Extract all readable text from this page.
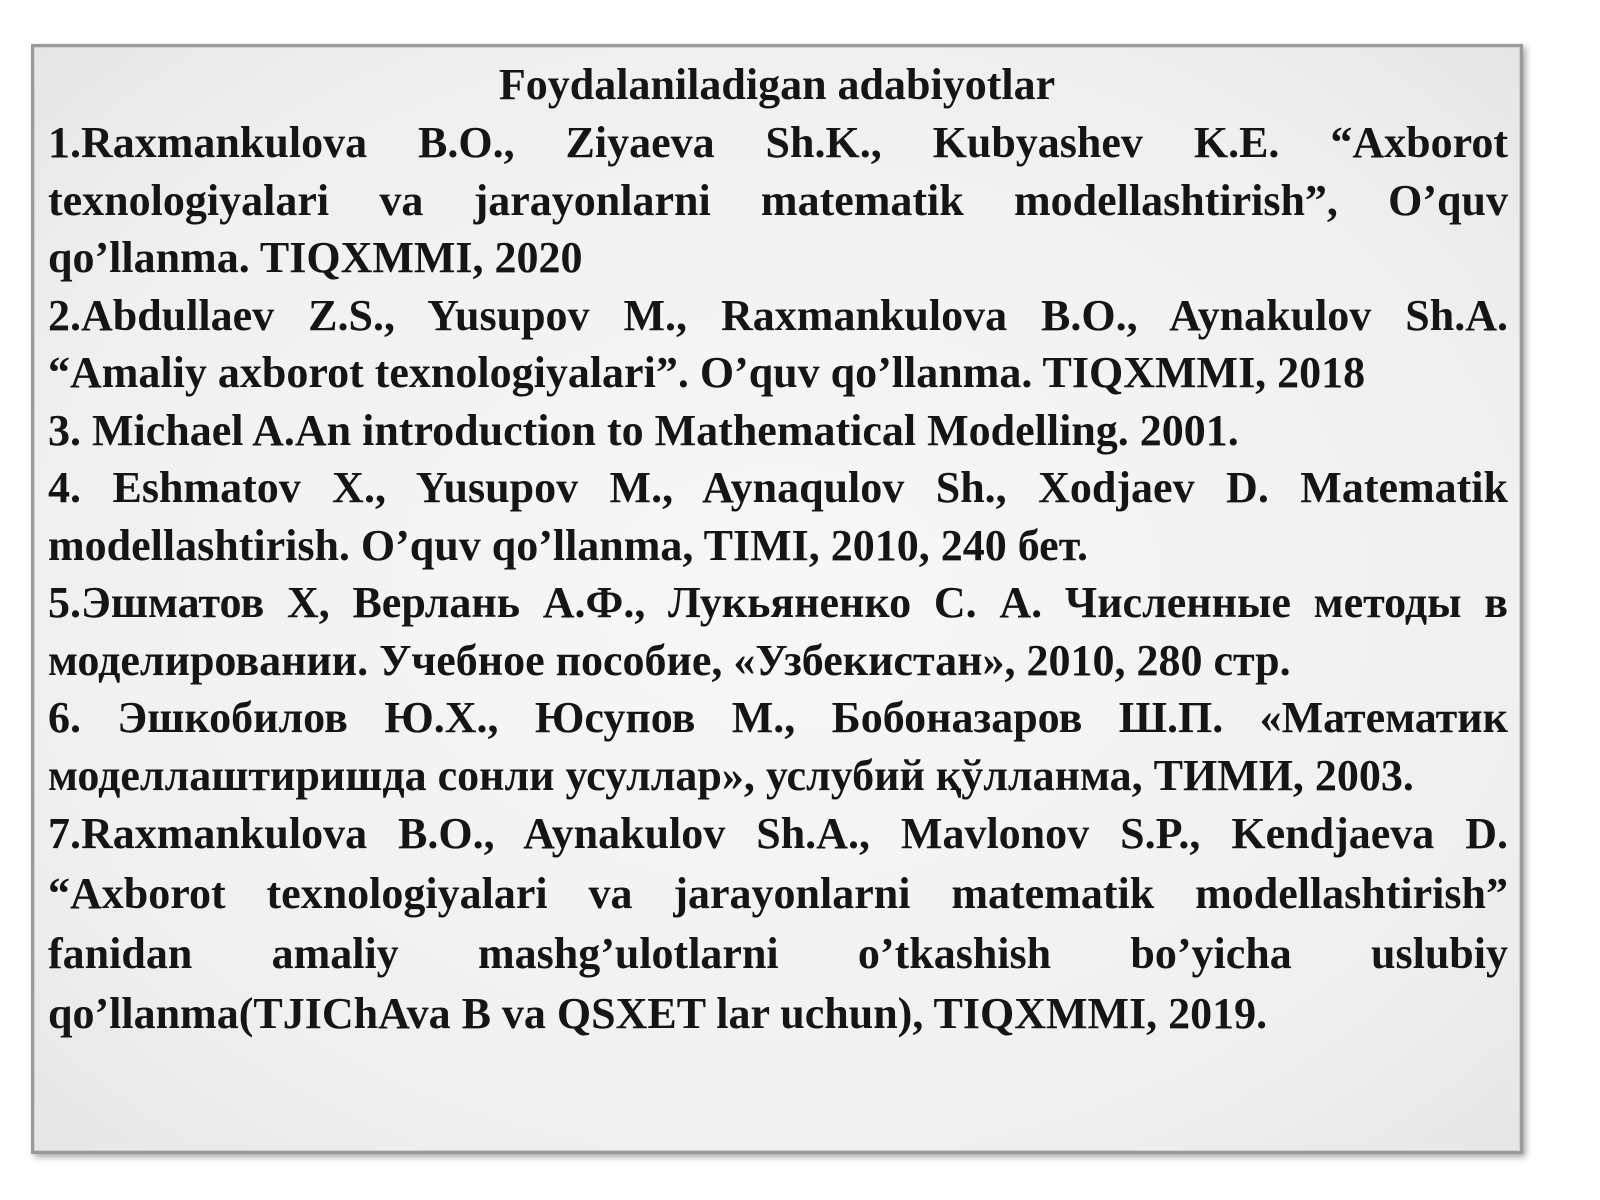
Foydalaniladigan adabiyotlar

1.Raxmankulova B.O., Ziyaeva Sh.K., Kubyashev K.E. “Axborot texnologiyalari va jarayonlarni matematik modellashtirish”, O’quv qo’llanma. TIQXMMI, 2020

2.Abdullaev Z.S., Yusupov M., Raxmankulova B.O., Aynakulov Sh.A. “Amaliy axborot texnologiyalari”. O’quv qo’llanma. TIQXMMI, 2018

3. Michael A.An introduction to Mathematical Modelling. 2001.

4. Eshmatov X., Yusupov M., Aynaqulov Sh., Xodjaev D. Matematik modellashtirish. O’quv qo’llanma, TIMI, 2010, 240 бет.

5.Эшматов Х, Верлань А.Ф., Лукьяненко С. А. Численные методы в моделировании. Учебное пособие, «Узбекистан», 2010, 280 стр.

6. Эшкобилов Ю.Х., Юсупов М., Бобоназаров Ш.П. «Математик моделлаштиришда сонли усуллар», услубий қўлланма, ТИМИ, 2003.

7.Raxmankulova B.O., Aynakulov Sh.A., Mavlonov S.P., Kendjaeva D. “Axborot texnologiyalari va jarayonlarni matematik modellashtirish” fanidan amaliy mashg’ulotlarni o’tkashish bo’yicha uslubiy qo’llanma(TJIChAva B va QSXET lar uchun), TIQXMMI, 2019.
